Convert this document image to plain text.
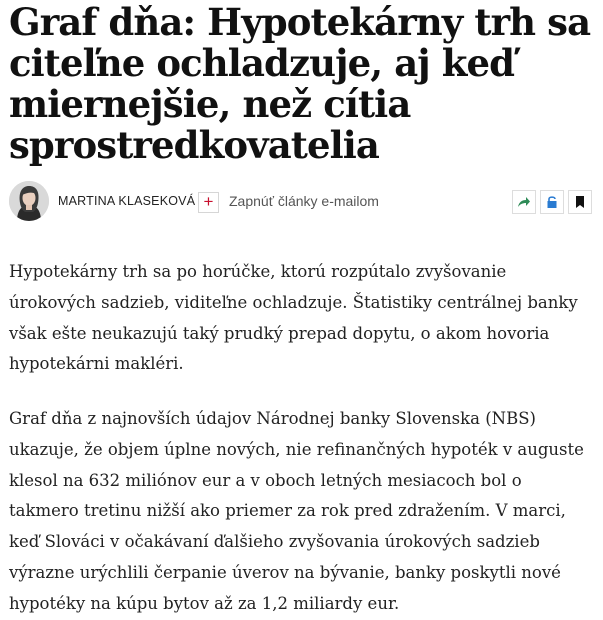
Graf dňa: Hypotekárny trh sa citeľne ochladzuje, aj keď miernejšie, než cítia sprostredkovatelia
MARTINA KLASEKOVÁ +	Zapnúť články e-mailom

Hypotekárny trh sa po horúčke, ktorú rozpútalo zvyšovanie úrokových sadzieb, viditeľne ochladzuje. Štatistiky centrálnej banky však ešte neukazujú taký prudký prepad dopytu, o akom hovoria hypotekárni makléri.

Graf dňa z najnovších údajov Národnej banky Slovenska (NBS) ukazuje, že objem úplne nových, nie refinančných hypoték v auguste klesol na 632 miliónov eur a v oboch letných mesiacoch bol o takmero tretinu nižší ako priemer za rok pred zdražením. V marci, keď Slováci v očakávaní ďalšieho zvyšovania úrokových sadzieb výrazne urýchlili čerpanie úverov na bývanie, banky poskytli nové hypotéky na kúpu bytov až za 1,2 miliardy eur.
